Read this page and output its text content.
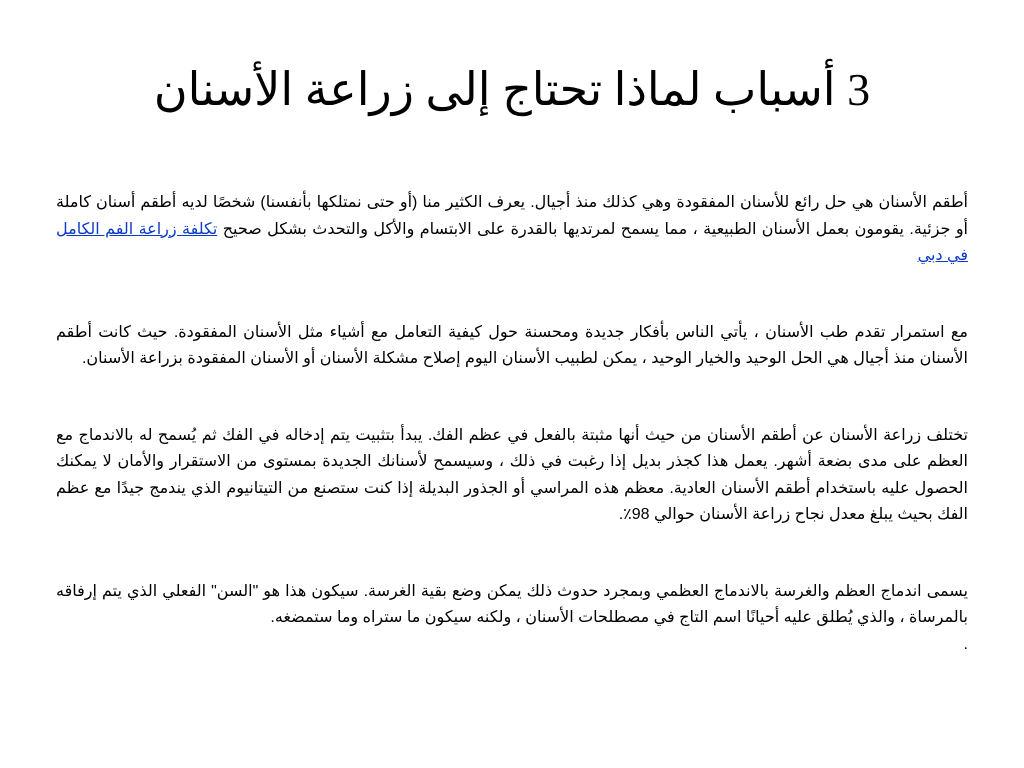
3 أسباب لماذا تحتاج إلى زراعة الأسنان

أطقم الأسنان هي حل رائع للأسنان المفقودة وهي كذلك منذ أجيال. يعرف الكثير منا (أو حتى نمتلكها بأنفسنا) شخصًا لديه أطقم أسنان كاملة أو جزئية. يقومون بعمل الأسنان الطبيعية ، مما يسمح لمرتديها بالقدرة على الابتسام والأكل والتحدث بشكل صحيح تكلفة زراعة الفم الكامل في دبي

مع استمرار تقدم طب الأسنان ، يأتي الناس بأفكار جديدة ومحسنة حول كيفية التعامل مع أشياء مثل الأسنان المفقودة. حيث كانت أطقم الأسنان منذ أجيال هي الحل الوحيد والخيار الوحيد ، يمكن لطبيب الأسنان اليوم إصلاح مشكلة الأسنان أو الأسنان المفقودة بزراعة الأسنان.

تختلف زراعة الأسنان عن أطقم الأسنان من حيث أنها مثبتة بالفعل في عظم الفك. يبدأ بتثبيت يتم إدخاله في الفك ثم يُسمح له بالاندماج مع العظم على مدى بضعة أشهر. يعمل هذا كجذر بديل إذا رغبت في ذلك ، وسيسمح لأسنانك الجديدة بمستوى من الاستقرار والأمان لا يمكنك الحصول عليه باستخدام أطقم الأسنان العادية. معظم هذه المراسي أو الجذور البديلة إذا كنت ستصنع من التيتانيوم الذي يندمج جيدًا مع عظم الفك بحيث يبلغ معدل نجاح زراعة الأسنان حوالي 98٪.

يسمى اندماج العظم والغرسة بالاندماج العظمي وبمجرد حدوث ذلك يمكن وضع بقية الغرسة. سيكون هذا هو "السن" الفعلي الذي يتم إرفاقه بالمرساة ، والذي يُطلق عليه أحيانًا اسم التاج في مصطلحات الأسنان ، ولكنه سيكون ما ستراه وما ستمضغه.
.
